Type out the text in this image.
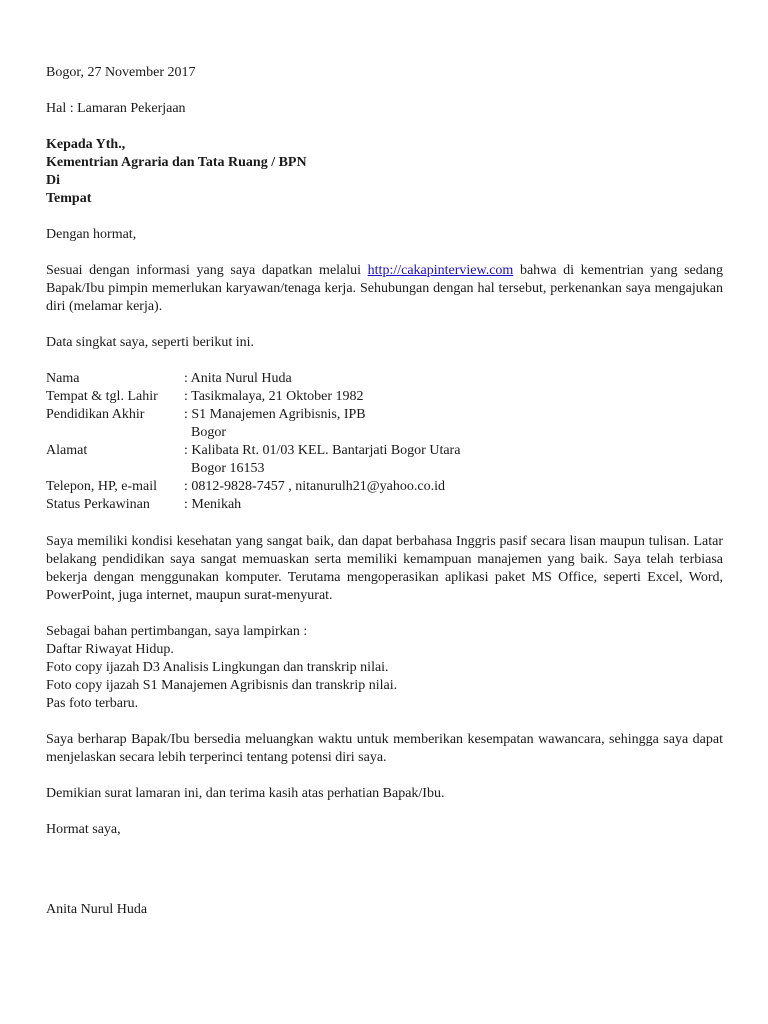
Bogor, 27 November 2017

Hal : Lamaran Pekerjaan

Kepada Yth.,

Kementrian Agraria dan Tata Ruang / BPN

Di

Tempat

Dengan hormat,

Sesuai dengan informasi yang saya dapatkan melalui http://cakapinterview.com bahwa di kementrian yang sedang Bapak/Ibu pimpin memerlukan karyawan/tenaga kerja. Sehubungan dengan hal tersebut, perkenankan saya mengajukan diri (melamar kerja).

Data singkat saya, seperti berikut ini.

Nama	: Anita Nurul Huda
Tempat & tgl. Lahir	: Tasikmalaya, 21 Oktober 1982
Pendidikan Akhir	: S1 Manajemen Agribisnis, IPB
Bogor
Alamat	: Kalibata Rt. 01/03 KEL. Bantarjati Bogor Utara
Bogor 16153
Telepon, HP, e-mail	: 0812-9828-7457 , nitanurulh21@yahoo.co.id
Status Perkawinan	: Menikah

Saya memiliki kondisi kesehatan yang sangat baik, dan dapat berbahasa Inggris pasif secara lisan maupun tulisan. Latar belakang pendidikan saya sangat memuaskan serta memiliki kemampuan manajemen yang baik. Saya telah terbiasa bekerja dengan menggunakan komputer. Terutama mengoperasikan aplikasi paket MS Office, seperti Excel, Word, PowerPoint, juga internet, maupun surat-menyurat.

Sebagai bahan pertimbangan, saya lampirkan :

Daftar Riwayat Hidup.

Foto copy ijazah D3 Analisis Lingkungan dan transkrip nilai.

Foto copy ijazah S1 Manajemen Agribisnis dan transkrip nilai.

Pas foto terbaru.

Saya berharap Bapak/Ibu bersedia meluangkan waktu untuk memberikan kesempatan wawancara, sehingga saya dapat menjelaskan secara lebih terperinci tentang potensi diri saya.

Demikian surat lamaran ini, dan terima kasih atas perhatian Bapak/Ibu.

Hormat saya,

Anita Nurul Huda
